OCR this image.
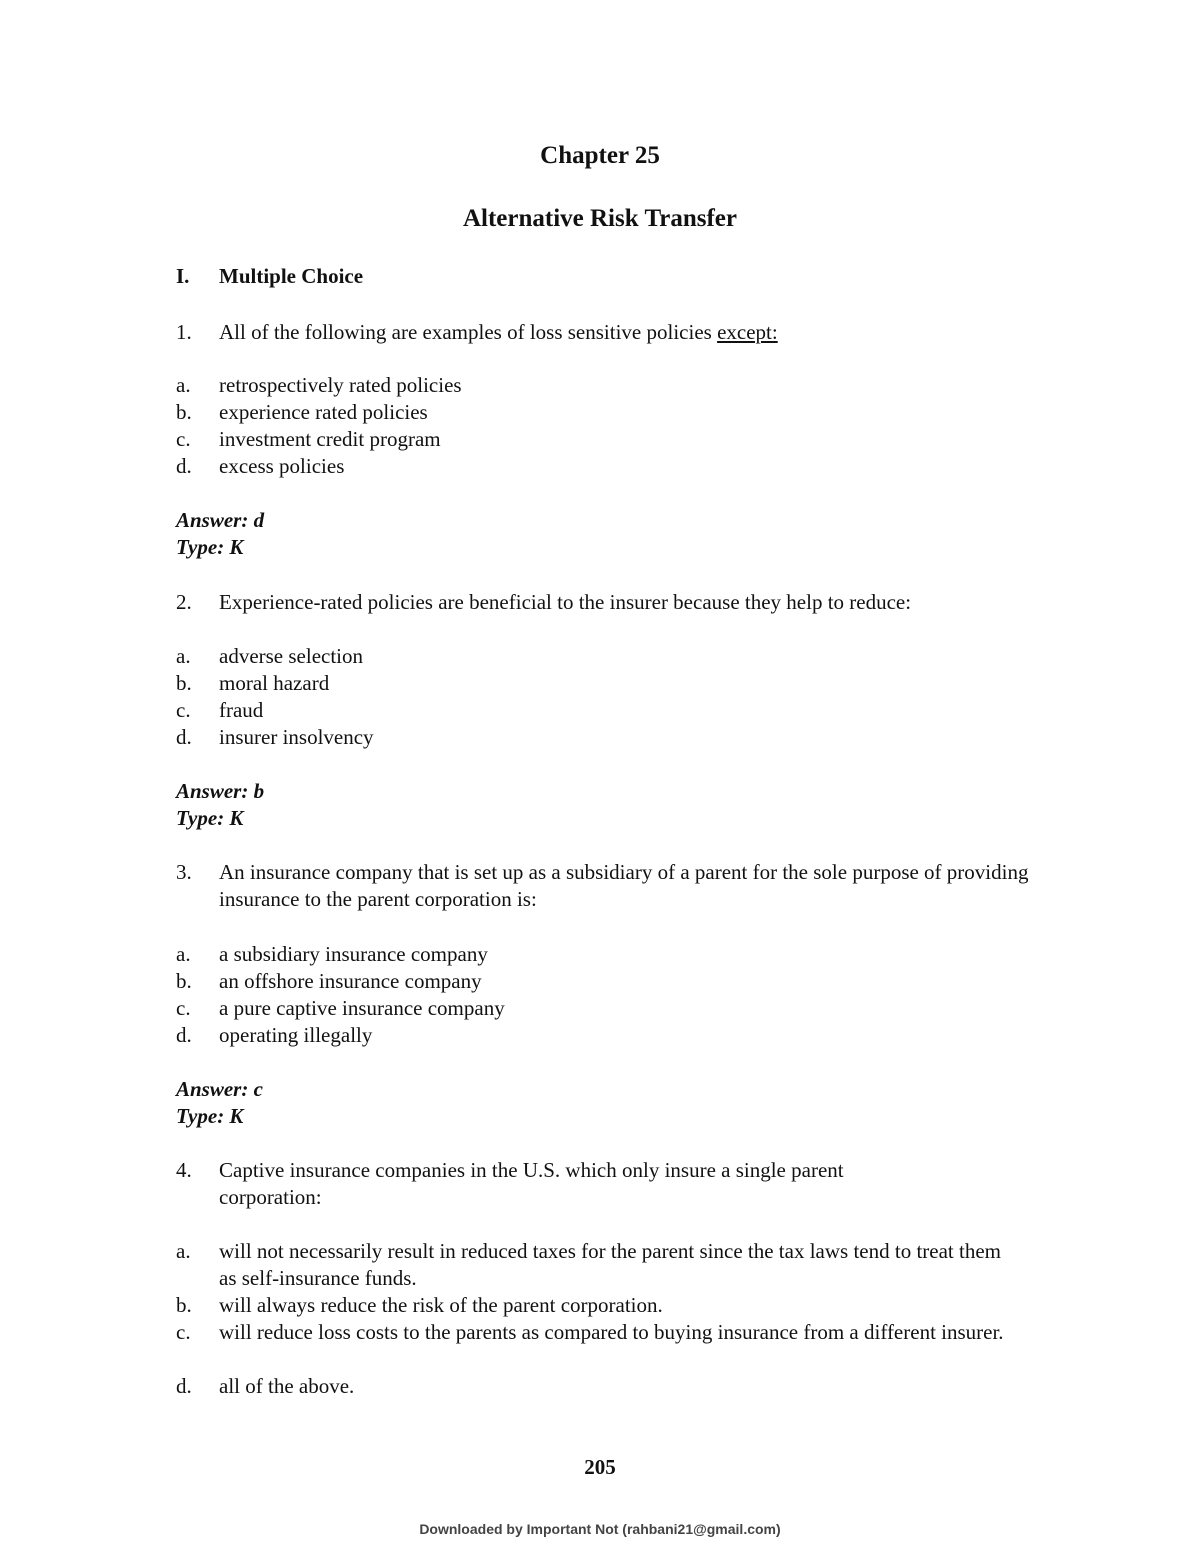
Chapter 25
Alternative Risk Transfer
I. Multiple Choice
1. All of the following are examples of loss sensitive policies except:
a. retrospectively rated policies
b. experience rated policies
c. investment credit program
d. excess policies
Answer: d
Type: K
2. Experience-rated policies are beneficial to the insurer because they help to reduce:
a. adverse selection
b. moral hazard
c. fraud
d. insurer insolvency
Answer: b
Type: K
3. An insurance company that is set up as a subsidiary of a parent for the sole purpose of providing insurance to the parent corporation is:
a. a subsidiary insurance company
b. an offshore insurance company
c. a pure captive insurance company
d. operating illegally
Answer: c
Type: K
4. Captive insurance companies in the U.S. which only insure a single parent corporation:
a. will not necessarily result in reduced taxes for the parent since the tax laws tend to treat them as self-insurance funds.
b. will always reduce the risk of the parent corporation.
c. will reduce loss costs to the parents as compared to buying insurance from a different insurer.
d. all of the above.
205
Downloaded by Important Not (rahbani21@gmail.com)
